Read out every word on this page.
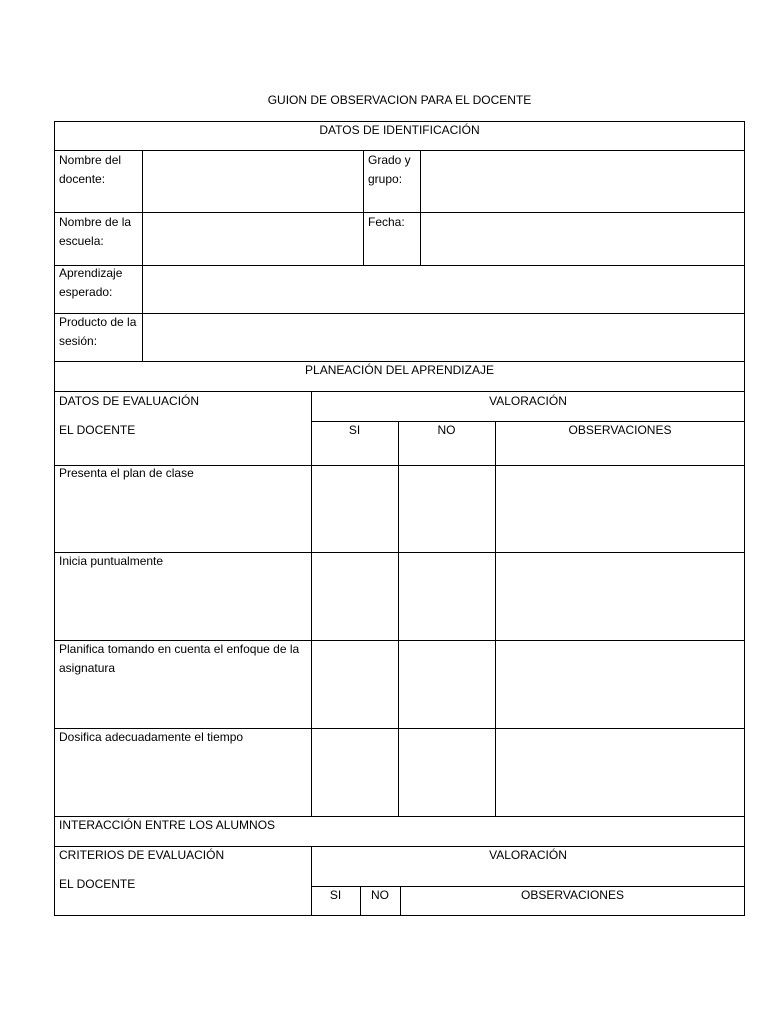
GUION DE OBSERVACION PARA EL DOCENTE
DATOS DE IDENTIFICACIÓN
Nombre del docente:
Grado y grupo:
Nombre de la escuela:
Fecha:
Aprendizaje esperado:
Producto de la sesión:
PLANEACIÓN DEL APRENDIZAJE
DATOS DE EVALUACIÓN
EL DOCENTE
VALORACIÓN
SI	NO	OBSERVACIONES
Presenta el plan de clase
Inicia puntualmente
Planifica tomando en cuenta el enfoque de la asignatura
Dosifica adecuadamente el tiempo
INTERACCIÓN ENTRE LOS ALUMNOS
CRITERIOS DE EVALUACIÓN
EL DOCENTE
VALORACIÓN
SI	NO	OBSERVACIONES
